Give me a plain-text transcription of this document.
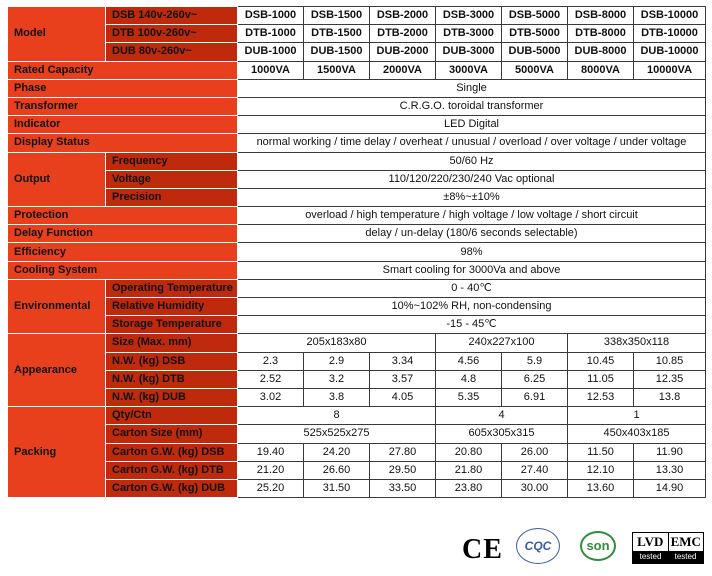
Model	DSB 140v-260v~	DSB-1000	DSB-1500	DSB-2000	DSB-3000	DSB-5000	DSB-8000	DSB-10000
	DTB 100v-260v~	DTB-1000	DTB-1500	DTB-2000	DTB-3000	DTB-5000	DTB-8000	DTB-10000
	DUB 80v-260v~	DUB-1000	DUB-1500	DUB-2000	DUB-3000	DUB-5000	DUB-8000	DUB-10000
Rated Capacity		1000VA	1500VA	2000VA	3000VA	5000VA	8000VA	10000VA
Phase		Single						
Transformer		C.R.G.O. toroidal transformer						
Indicator		LED Digital						
Display Status		normal working / time delay / overheat / unusual / overload / over voltage / under voltage						
Output	Frequency	50/60 Hz						
	Voltage	110/120/220/230/240 Vac optional						
	Precision	±8%~±10%						
Protection		overload / high temperature / high voltage / low voltage / short circuit						
Delay Function		delay / un-delay (180/6 seconds selectable)						
Efficiency		98%						
Cooling System		Smart cooling for 3000Va and above						
Environmental	Operating Temperature	0 - 40℃						
	Relative Humidity	10%~102% RH, non-condensing						
	Storage Temperature	-15 - 45℃						
Appearance	Size (Max. mm)	205x183x80			240x227x100		338x350x118	
	N.W. (kg) DSB	2.3	2.9	3.34	4.56	5.9	10.45	10.85
	N.W. (kg) DTB	2.52	3.2	3.57	4.8	6.25	11.05	12.35
	N.W. (kg) DUB	3.02	3.8	4.05	5.35	6.91	12.53	13.8
Packing	Qty/Ctn	8			4		1	
	Carton Size (mm)	525x525x275			605x305x315		450x403x185	
	Carton G.W. (kg) DSB	19.40	24.20	27.80	20.80	26.00	11.50	11.90
	Carton G.W. (kg) DTB	21.20	26.60	29.50	21.80	27.40	12.10	13.30
	Carton G.W. (kg) DUB	25.20	31.50	33.50	23.80	30.00	13.60	14.90
CE	CQC	son	LVD EMC
tested	tested
